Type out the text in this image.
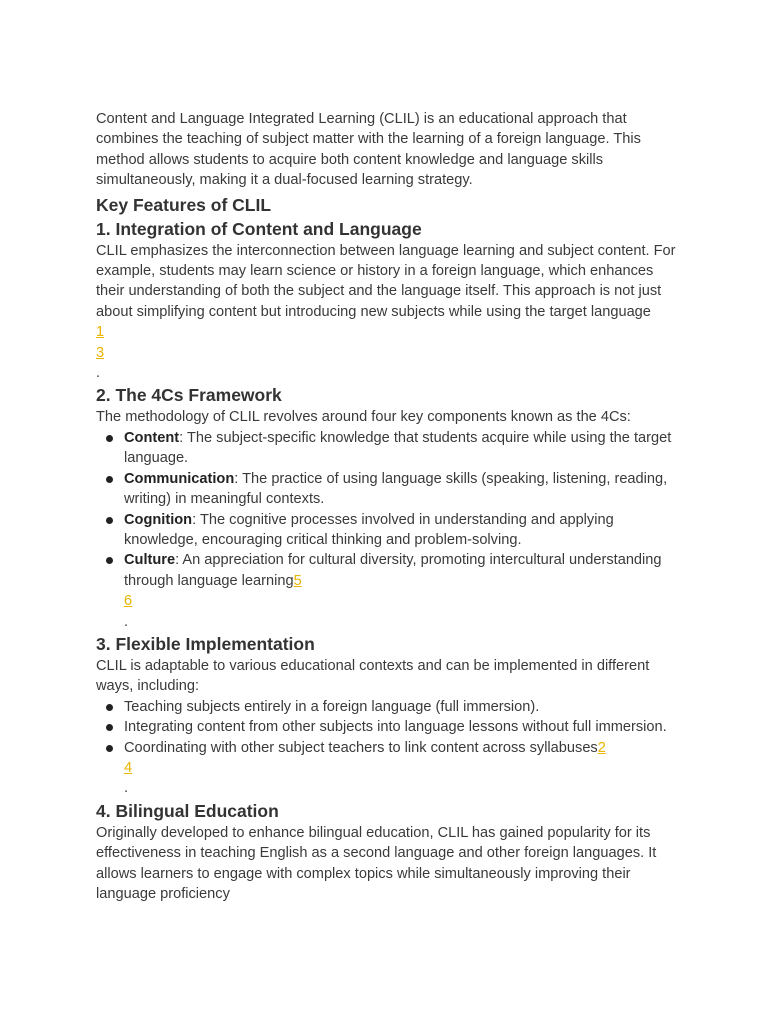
Content and Language Integrated Learning (CLIL) is an educational approach that combines the teaching of subject matter with the learning of a foreign language. This method allows students to acquire both content knowledge and language skills simultaneously, making it a dual-focused learning strategy.

Key Features of CLIL
1. Integration of Content and Language

CLIL emphasizes the interconnection between language learning and subject content. For example, students may learn science or history in a foreign language, which enhances their understanding of both the subject and the language itself. This approach is not just about simplifying content but introducing new subjects while using the target language

1
3
.
2. The 4Cs Framework

The methodology of CLIL revolves around four key components known as the 4Cs:

Content: The subject-specific knowledge that students acquire while using the target language.
Communication: The practice of using language skills (speaking, listening, reading, writing) in meaningful contexts.
Cognition: The cognitive processes involved in understanding and applying knowledge, encouraging critical thinking and problem-solving.
Culture: An appreciation for cultural diversity, promoting intercultural understanding through language learning5
6
.
3. Flexible Implementation

CLIL is adaptable to various educational contexts and can be implemented in different ways, including:

Teaching subjects entirely in a foreign language (full immersion).
Integrating content from other subjects into language lessons without full immersion.
Coordinating with other subject teachers to link content across syllabuses2
4
.
4. Bilingual Education

Originally developed to enhance bilingual education, CLIL has gained popularity for its effectiveness in teaching English as a second language and other foreign languages. It allows learners to engage with complex topics while simultaneously improving their language proficiency
